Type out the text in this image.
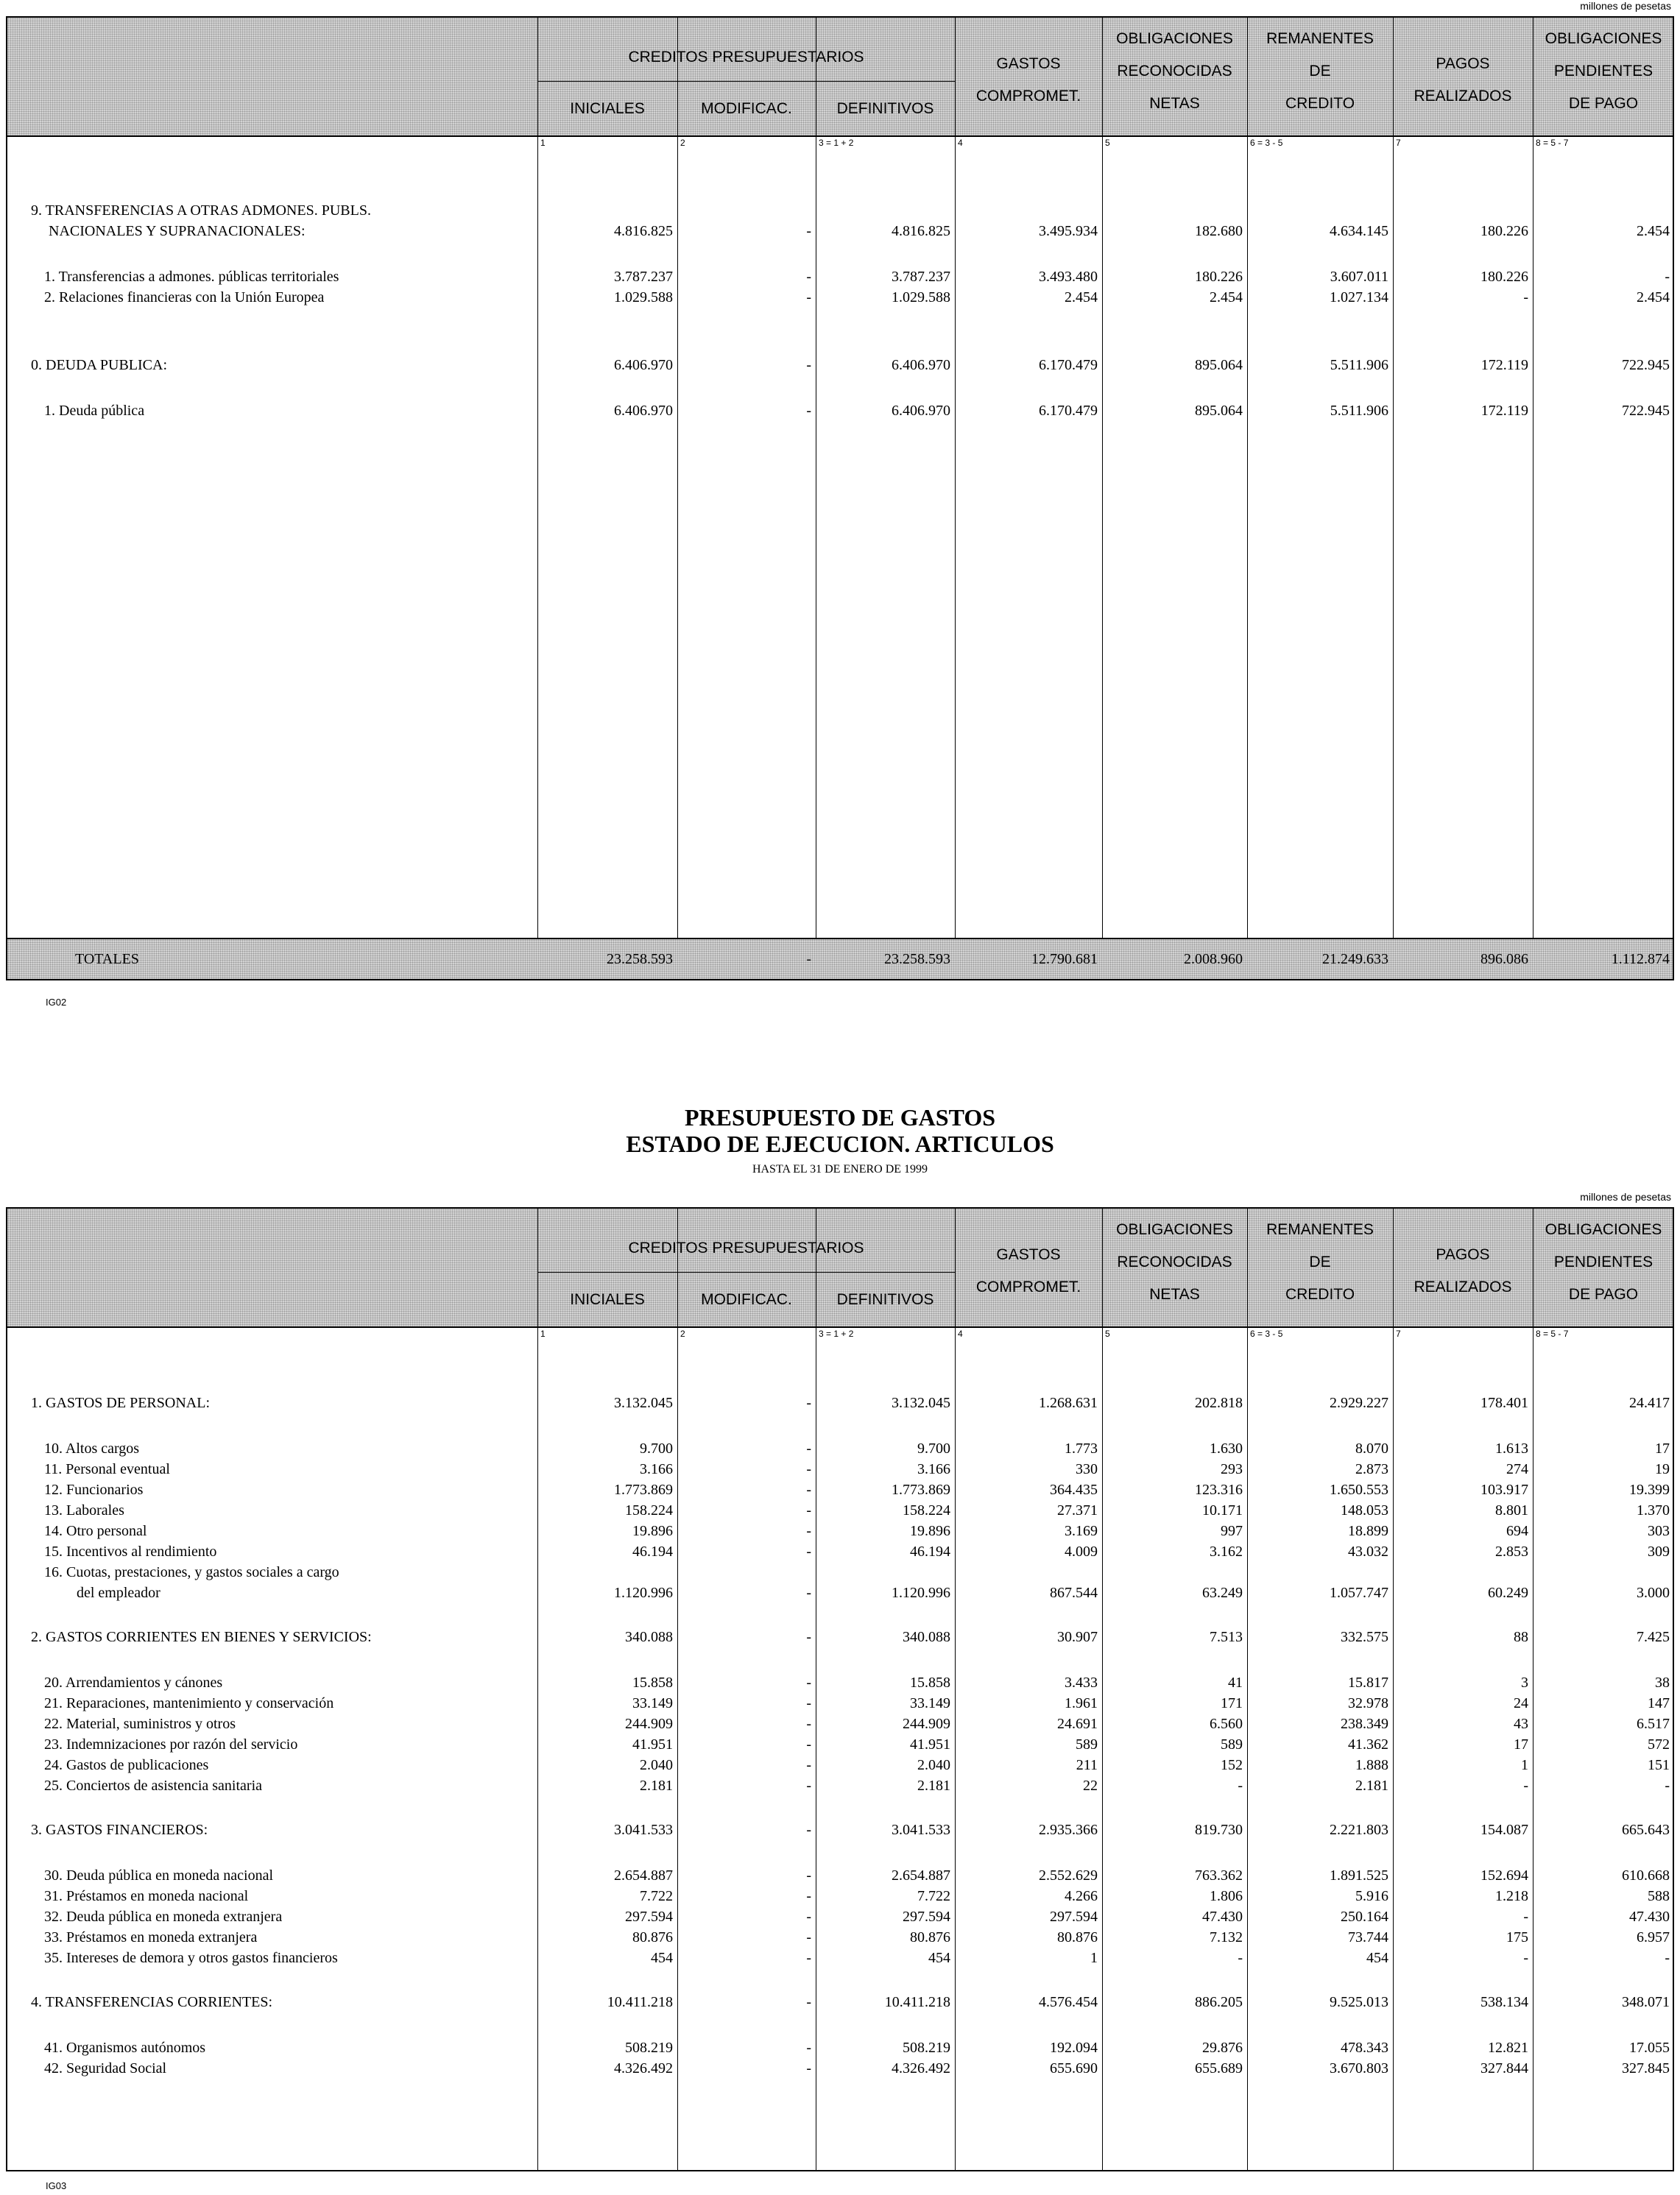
millones de pesetas
CREDITOS PRESUPUESTARIOS
INICIALES	MODIFICAC.	DEFINITIVOS
GASTOS
COMPROMET.
OBLIGACIONES
RECONOCIDAS
NETAS
REMANENTES
DE
CREDITO
PAGOS
REALIZADOS
OBLIGACIONES
PENDIENTES
DE PAGO
1	2	3 = 1 + 2	4	5	6 = 3 - 5	7	8 = 5 - 7
9. TRANSFERENCIAS A OTRAS ADMONES. PUBLS.
NACIONALES Y SUPRANACIONALES:	4.816.825	-	4.816.825	3.495.934	182.680	4.634.145	180.226	2.454
1. Transferencias a admones. públicas territoriales	3.787.237	-	3.787.237	3.493.480	180.226	3.607.011	180.226	-
2. Relaciones financieras con la Unión Europea	1.029.588	-	1.029.588	2.454	2.454	1.027.134	-	2.454
0. DEUDA PUBLICA:	6.406.970	-	6.406.970	6.170.479	895.064	5.511.906	172.119	722.945
1. Deuda pública	6.406.970	-	6.406.970	6.170.479	895.064	5.511.906	172.119	722.945
TOTALES	23.258.593	-	23.258.593	12.790.681	2.008.960	21.249.633	896.086	1.112.874
IG02
PRESUPUESTO DE GASTOS
ESTADO DE EJECUCION. ARTICULOS
HASTA EL 31 DE ENERO DE 1999
millones de pesetas
CREDITOS PRESUPUESTARIOS
INICIALES	MODIFICAC.	DEFINITIVOS
GASTOS
COMPROMET.
OBLIGACIONES
RECONOCIDAS
NETAS
REMANENTES
DE
CREDITO
PAGOS
REALIZADOS
OBLIGACIONES
PENDIENTES
DE PAGO
1	2	3 = 1 + 2	4	5	6 = 3 - 5	7	8 = 5 - 7
1. GASTOS DE PERSONAL:	3.132.045	-	3.132.045	1.268.631	202.818	2.929.227	178.401	24.417
10. Altos cargos	9.700	-	9.700	1.773	1.630	8.070	1.613	17
11. Personal eventual	3.166	-	3.166	330	293	2.873	274	19
12. Funcionarios	1.773.869	-	1.773.869	364.435	123.316	1.650.553	103.917	19.399
13. Laborales	158.224	-	158.224	27.371	10.171	148.053	8.801	1.370
14. Otro personal	19.896	-	19.896	3.169	997	18.899	694	303
15. Incentivos al rendimiento	46.194	-	46.194	4.009	3.162	43.032	2.853	309
16. Cuotas, prestaciones, y gastos sociales a cargo
del empleador	1.120.996	-	1.120.996	867.544	63.249	1.057.747	60.249	3.000
2. GASTOS CORRIENTES EN BIENES Y SERVICIOS:	340.088	-	340.088	30.907	7.513	332.575	88	7.425
20. Arrendamientos y cánones	15.858	-	15.858	3.433	41	15.817	3	38
21. Reparaciones, mantenimiento y conservación	33.149	-	33.149	1.961	171	32.978	24	147
22. Material, suministros y otros	244.909	-	244.909	24.691	6.560	238.349	43	6.517
23. Indemnizaciones por razón del servicio	41.951	-	41.951	589	589	41.362	17	572
24. Gastos de publicaciones	2.040	-	2.040	211	152	1.888	1	151
25. Conciertos de asistencia sanitaria	2.181	-	2.181	22	-	2.181	-	-
3. GASTOS FINANCIEROS:	3.041.533	-	3.041.533	2.935.366	819.730	2.221.803	154.087	665.643
30. Deuda pública en moneda nacional	2.654.887	-	2.654.887	2.552.629	763.362	1.891.525	152.694	610.668
31. Préstamos en moneda nacional	7.722	-	7.722	4.266	1.806	5.916	1.218	588
32. Deuda pública en moneda extranjera	297.594	-	297.594	297.594	47.430	250.164	-	47.430
33. Préstamos en moneda extranjera	80.876	-	80.876	80.876	7.132	73.744	175	6.957
35. Intereses de demora y otros gastos financieros	454	-	454	1	-	454	-	-
4. TRANSFERENCIAS CORRIENTES:	10.411.218	-	10.411.218	4.576.454	886.205	9.525.013	538.134	348.071
41. Organismos autónomos	508.219	-	508.219	192.094	29.876	478.343	12.821	17.055
42. Seguridad Social	4.326.492	-	4.326.492	655.690	655.689	3.670.803	327.844	327.845
IG03
